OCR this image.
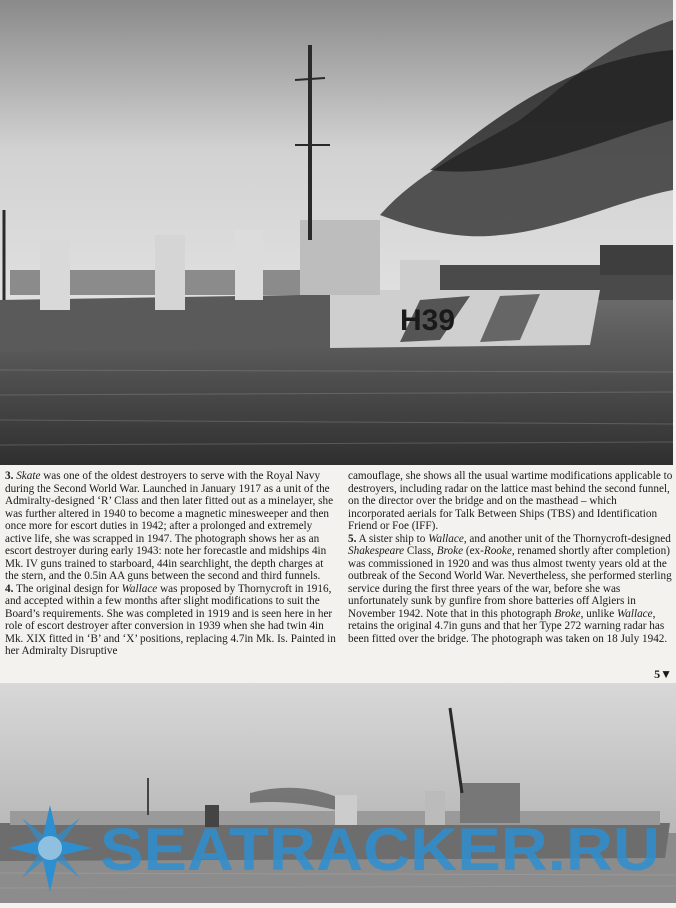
H39

3. Skate was one of the oldest destroyers to serve with the Royal Navy during the Second World War. Launched in January 1917 as a unit of the Admiralty-designed ‘R’ Class and then later fitted out as a minelayer, she was further altered in 1940 to become a magnetic minesweeper and then once more for escort duties in 1942; after a prolonged and extremely active life, she was scrapped in 1947. The photograph shows her as an escort destroyer during early 1943: note her forecastle and midships 4in Mk. IV guns trained to starboard, 44in searchlight, the depth charges at the stern, and the 0.5in AA guns between the second and third funnels.

4. The original design for Wallace was proposed by Thornycroft in 1916, and accepted within a few months after slight modifications to suit the Board’s requirements. She was completed in 1919 and is seen here in her role of escort destroyer after conversion in 1939 when she had twin 4in Mk. XIX fitted in ‘B’ and ‘X’ positions, replacing 4.7in Mk. Is. Painted in her Admiralty Disruptive

camouflage, she shows all the usual wartime modifications applicable to destroyers, including radar on the lattice mast behind the second funnel, on the director over the bridge and on the masthead – which incorporated aerials for Talk Between Ships (TBS) and Identification Friend or Foe (IFF).

5. A sister ship to Wallace, and another unit of the Thornycroft-designed Shakespeare Class, Broke (ex-Rooke, renamed shortly after completion) was commissioned in 1920 and was thus almost twenty years old at the outbreak of the Second World War. Nevertheless, she performed sterling service during the first three years of the war, before she was unfortunately sunk by gunfire from shore batteries off Algiers in November 1942. Note that in this photograph Broke, unlike Wallace, retains the original 4.7in guns and that her Type 272 warning radar has been fitted over the bridge. The photograph was taken on 18 July 1942.

5▼
SEATRACKER.RU
